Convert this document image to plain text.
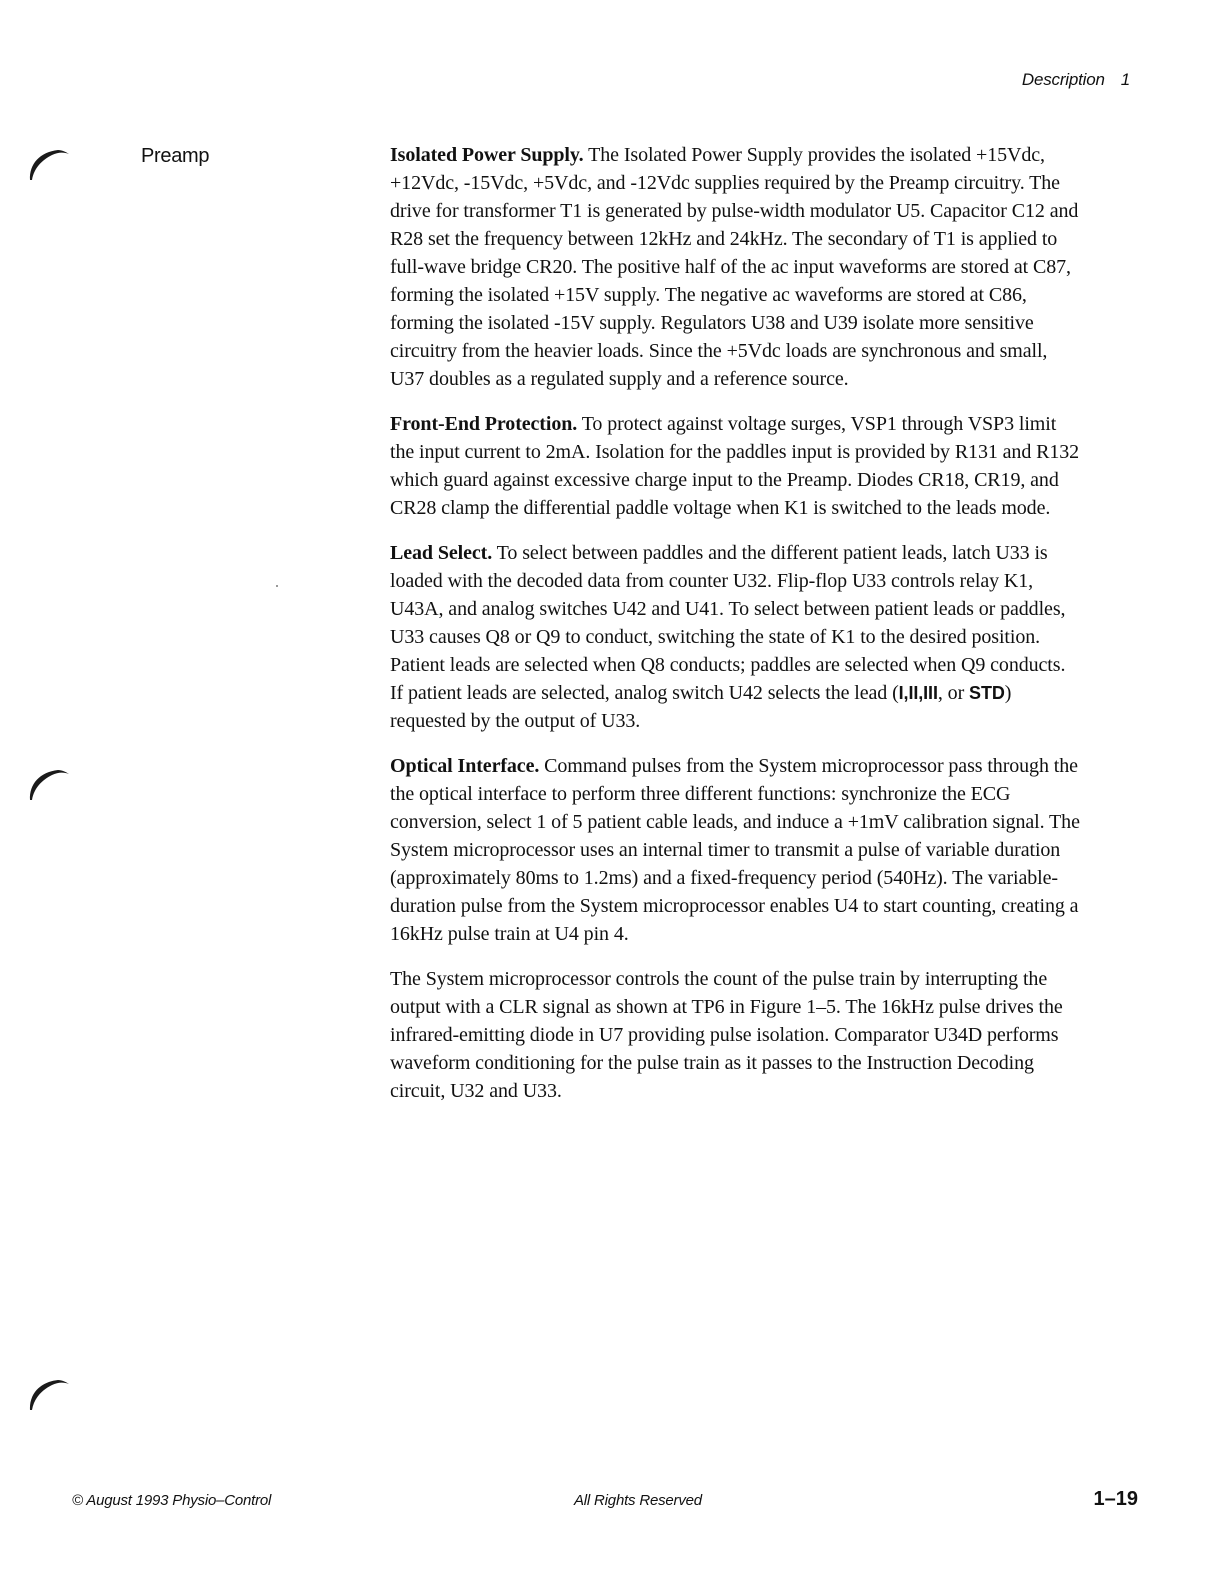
Description 1
Preamp	Isolated Power Supply. The Isolated Power Supply provides the isolated +15Vdc, +12Vdc, -15Vdc, +5Vdc, and -12Vdc supplies required by the Preamp circuitry. The drive for transformer T1 is generated by pulse-width modulator U5. Capacitor C12 and R28 set the frequency between 12kHz and 24kHz. The secondary of T1 is applied to full-wave bridge CR20. The positive half of the ac input waveforms are stored at C87, forming the isolated +15V supply. The negative ac waveforms are stored at C86, forming the isolated -15V supply. Regulators U38 and U39 isolate more sensitive circuitry from the heavier loads. Since the +5Vdc loads are synchronous and small, U37 doubles as a regulated supply and a reference source.

Front-End Protection. To protect against voltage surges, VSP1 through VSP3 limit the input current to 2mA. Isolation for the paddles input is provided by R131 and R132 which guard against excessive charge input to the Preamp. Diodes CR18, CR19, and CR28 clamp the differential paddle voltage when K1 is switched to the leads mode.

Lead Select. To select between paddles and the different patient leads, latch U33 is loaded with the decoded data from counter U32. Flip-flop U33 controls relay K1, U43A, and analog switches U42 and U41. To select between patient leads or paddles, U33 causes Q8 or Q9 to conduct, switching the state of K1 to the desired position. Patient leads are selected when Q8 conducts; paddles are selected when Q9 conducts. If patient leads are selected, analog switch U42 selects the lead (I,II,III, or STD) requested by the output of U33.

Optical Interface. Command pulses from the System microprocessor pass through the the optical interface to perform three different functions: synchronize the ECG conversion, select 1 of 5 patient cable leads, and induce a +1mV calibration signal. The System microprocessor uses an internal timer to transmit a pulse of variable duration (approximately 80ms to 1.2ms) and a fixed-frequency period (540Hz). The variable-duration pulse from the System microprocessor enables U4 to start counting, creating a 16kHz pulse train at U4 pin 4.

The System microprocessor controls the count of the pulse train by interrupting the output with a CLR signal as shown at TP6 in Figure 1–5. The 16kHz pulse drives the infrared-emitting diode in U7 providing pulse isolation. Comparator U34D performs waveform conditioning for the pulse train as it passes to the Instruction Decoding circuit, U32 and U33.

© August 1993 Physio–Control	All Rights Reserved	1–19
